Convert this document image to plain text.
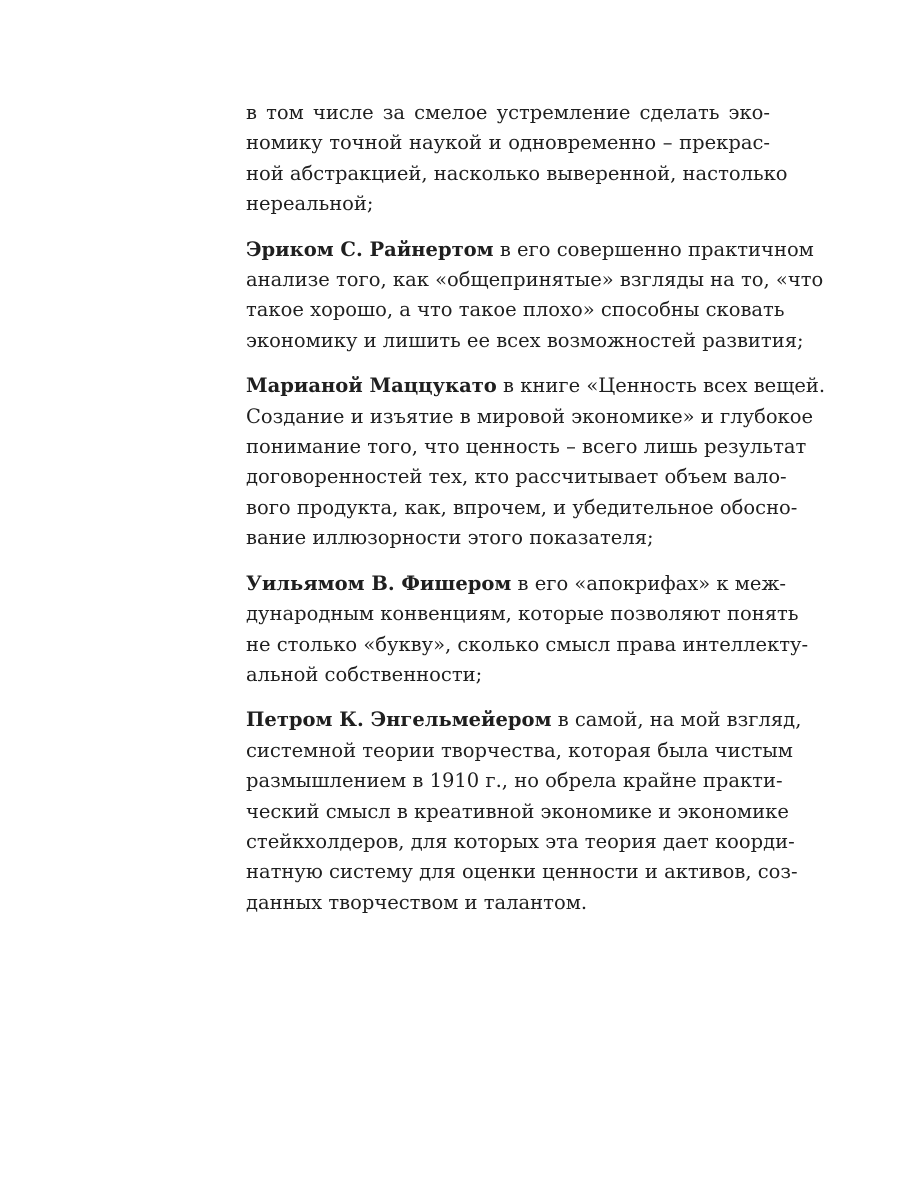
в том числе за смелое устремление сделать эко-
номику точной наукой и одновременно – прекрас-
ной абстракцией, насколько выверенной, настолько
нереальной;

Эриком С. Райнертом в его совершенно практичном
анализе того, как «общепринятые» взгляды на то, «что
такое хорошо, а что такое плохо» способны сковать
экономику и лишить ее всех возможностей развития;

Марианой Маццукато в книге «Ценность всех вещей.
Создание и изъятие в мировой экономике» и глубокое
понимание того, что ценность – всего лишь результат
договоренностей тех, кто рассчитывает объем вало-
вого продукта, как, впрочем, и убедительное обосно-
вание иллюзорности этого показателя;

Уильямом В. Фишером в его «апокрифах» к меж-
дународным конвенциям, которые позволяют понять
не столько «букву», сколько смысл права интеллекту-
альной собственности;

Петром К. Энгельмейером в самой, на мой взгляд,
системной теории творчества, которая была чистым
размышлением в 1910 г., но обрела крайне практи-
ческий смысл в креативной экономике и экономике
стейкхолдеров, для которых эта теория дает коорди-
натную систему для оценки ценности и активов, соз-
данных творчеством и талантом.
